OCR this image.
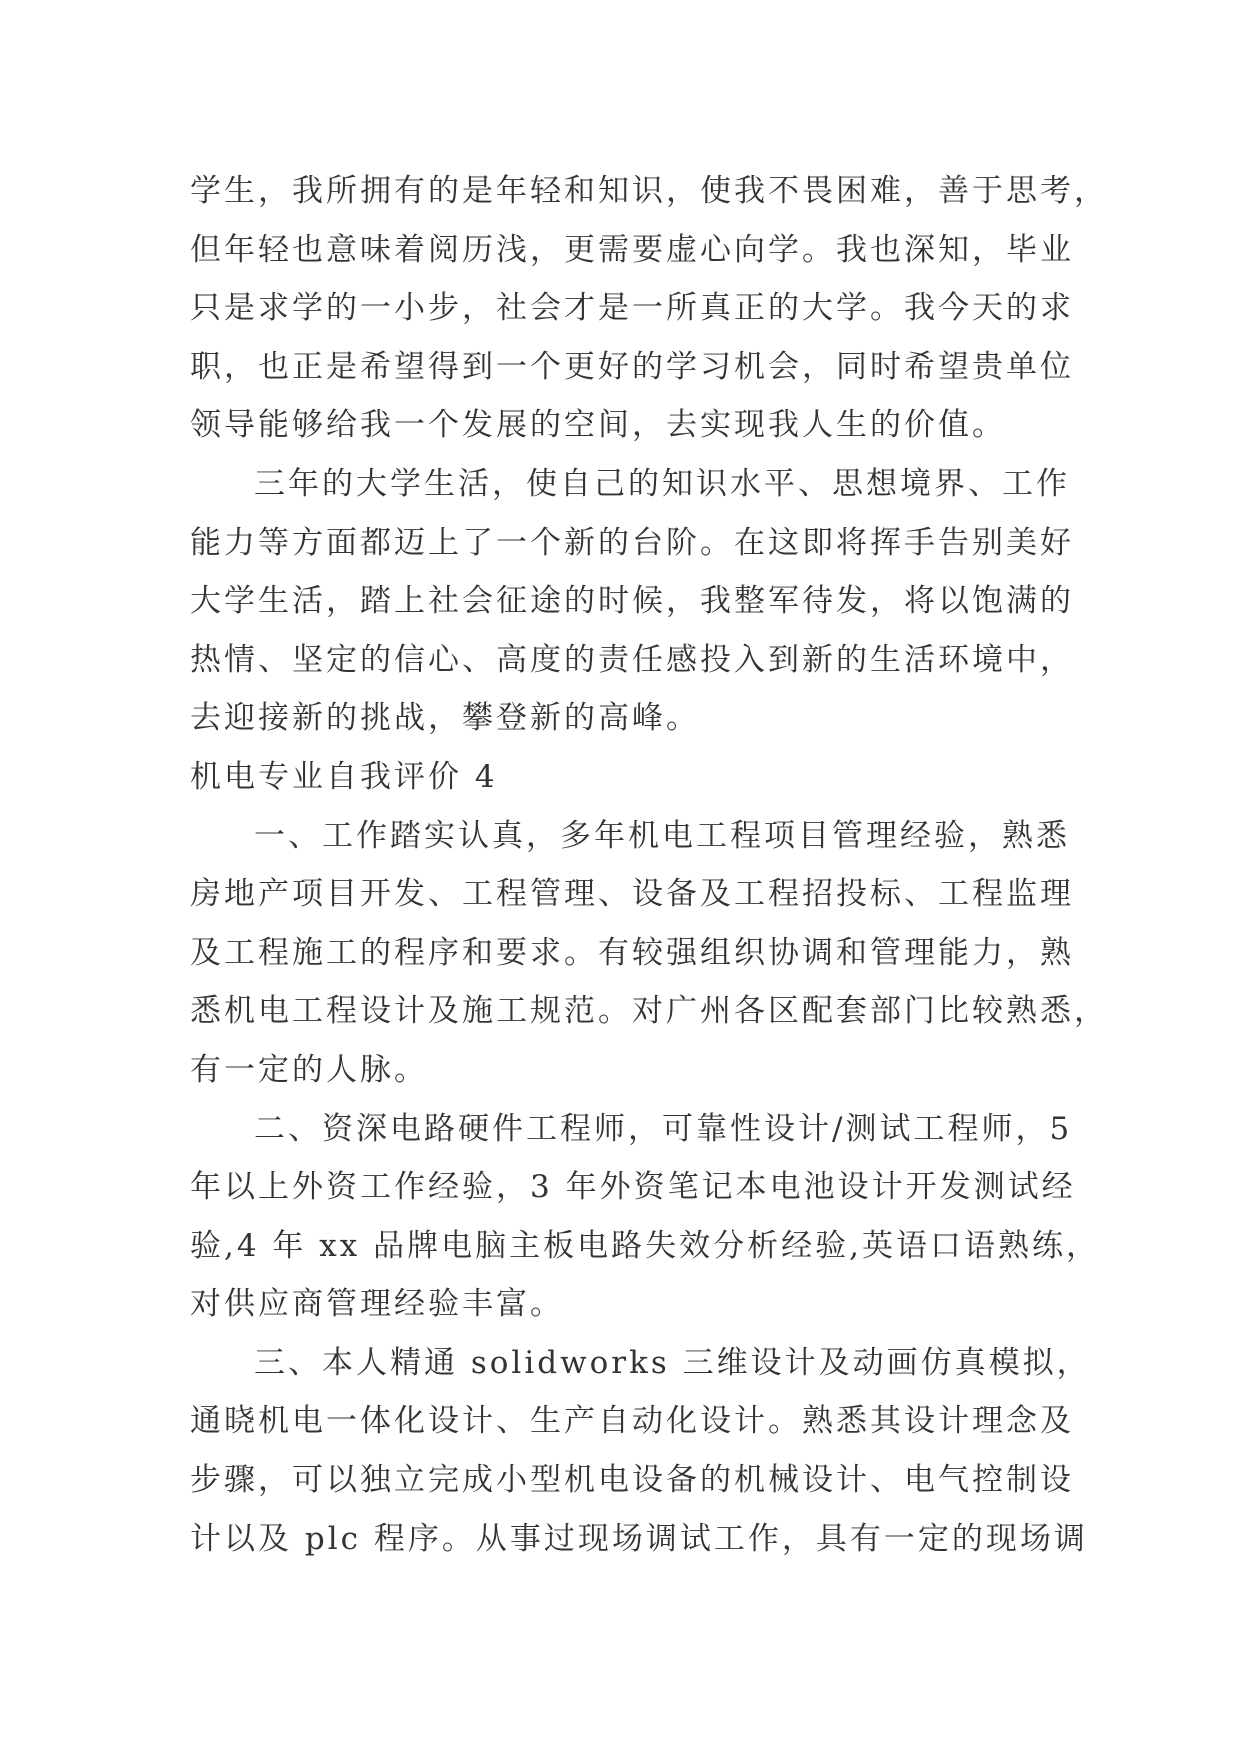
学生，我所拥有的是年轻和知识，使我不畏困难，善于思考，
但年轻也意味着阅历浅，更需要虚心向学。我也深知，毕业
只是求学的一小步，社会才是一所真正的大学。我今天的求
职，也正是希望得到一个更好的学习机会，同时希望贵单位
领导能够给我一个发展的空间，去实现我人生的价值。
三年的大学生活，使自己的知识水平、思想境界、工作
能力等方面都迈上了一个新的台阶。在这即将挥手告别美好
大学生活，踏上社会征途的时候，我整军待发，将以饱满的
热情、坚定的信心、高度的责任感投入到新的生活环境中，
去迎接新的挑战，攀登新的高峰。
机电专业自我评价 4
一、工作踏实认真，多年机电工程项目管理经验，熟悉
房地产项目开发、工程管理、设备及工程招投标、工程监理
及工程施工的程序和要求。有较强组织协调和管理能力，熟
悉机电工程设计及施工规范。对广州各区配套部门比较熟悉，
有一定的人脉。
二、资深电路硬件工程师，可靠性设计/测试工程师，5
年以上外资工作经验，3 年外资笔记本电池设计开发测试经
验,4 年 xx 品牌电脑主板电路失效分析经验,英语口语熟练，
对供应商管理经验丰富。
三、本人精通 solidworks 三维设计及动画仿真模拟，
通晓机电一体化设计、生产自动化设计。熟悉其设计理念及
步骤，可以独立完成小型机电设备的机械设计、电气控制设
计以及 plc 程序。从事过现场调试工作，具有一定的现场调
